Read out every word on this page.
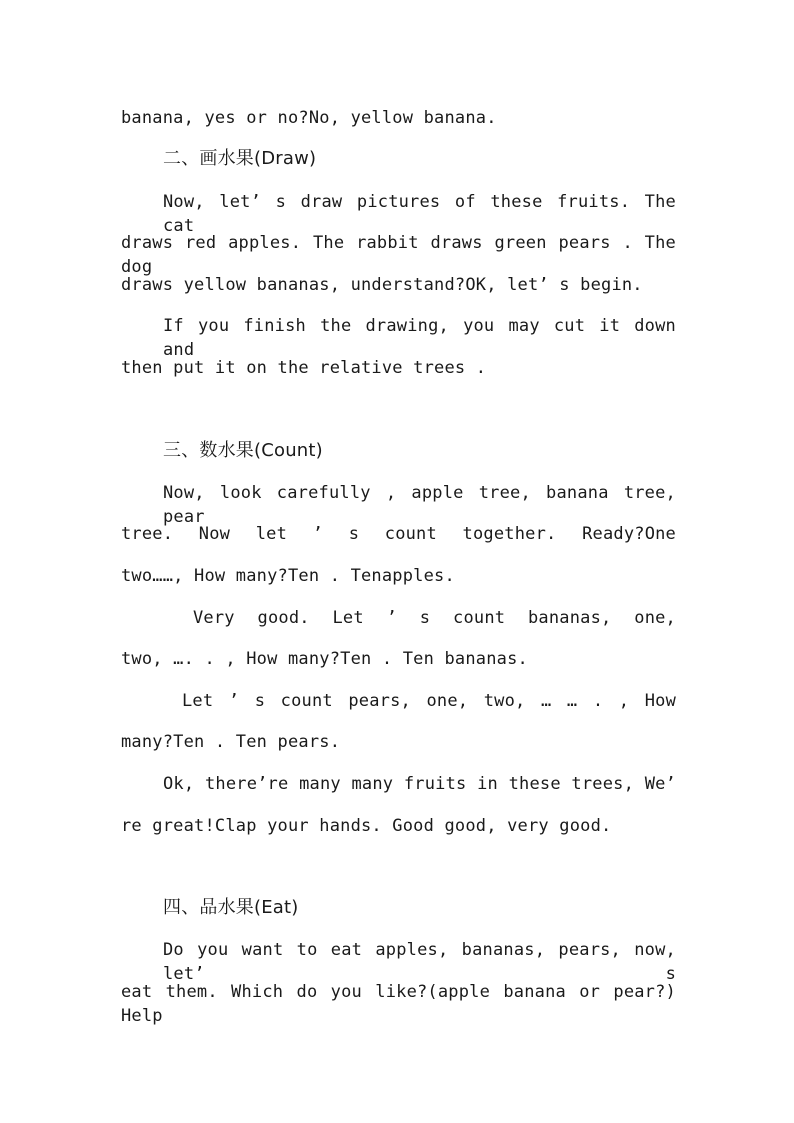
banana, yes or no?No, yellow banana.
二、画水果(Draw)
Now, let’ s draw pictures of these fruits. The cat
draws red apples. The rabbit draws green pears . The dog
draws yellow bananas, understand?OK, let’ s begin.
If you finish the drawing, you may cut it down and
then put it on the relative trees .
三、数水果(Count)
Now, look carefully , apple tree, banana tree, pear
tree. Now let ’ s count together. Ready?One
two……, How many?Ten . Tenapples.
Very good. Let ’ s count bananas, one,
two, …. . , How many?Ten . Ten bananas.
Let ’ s count pears, one, two, … … . , How
many?Ten . Ten pears.
Ok, there’re many many fruits in these trees, We’
re great!Clap your hands. Good good, very good.
四、品水果(Eat)
Do you want to eat apples, bananas, pears, now, let’ s
eat them. Which do you like?(apple banana or pear?) Help
